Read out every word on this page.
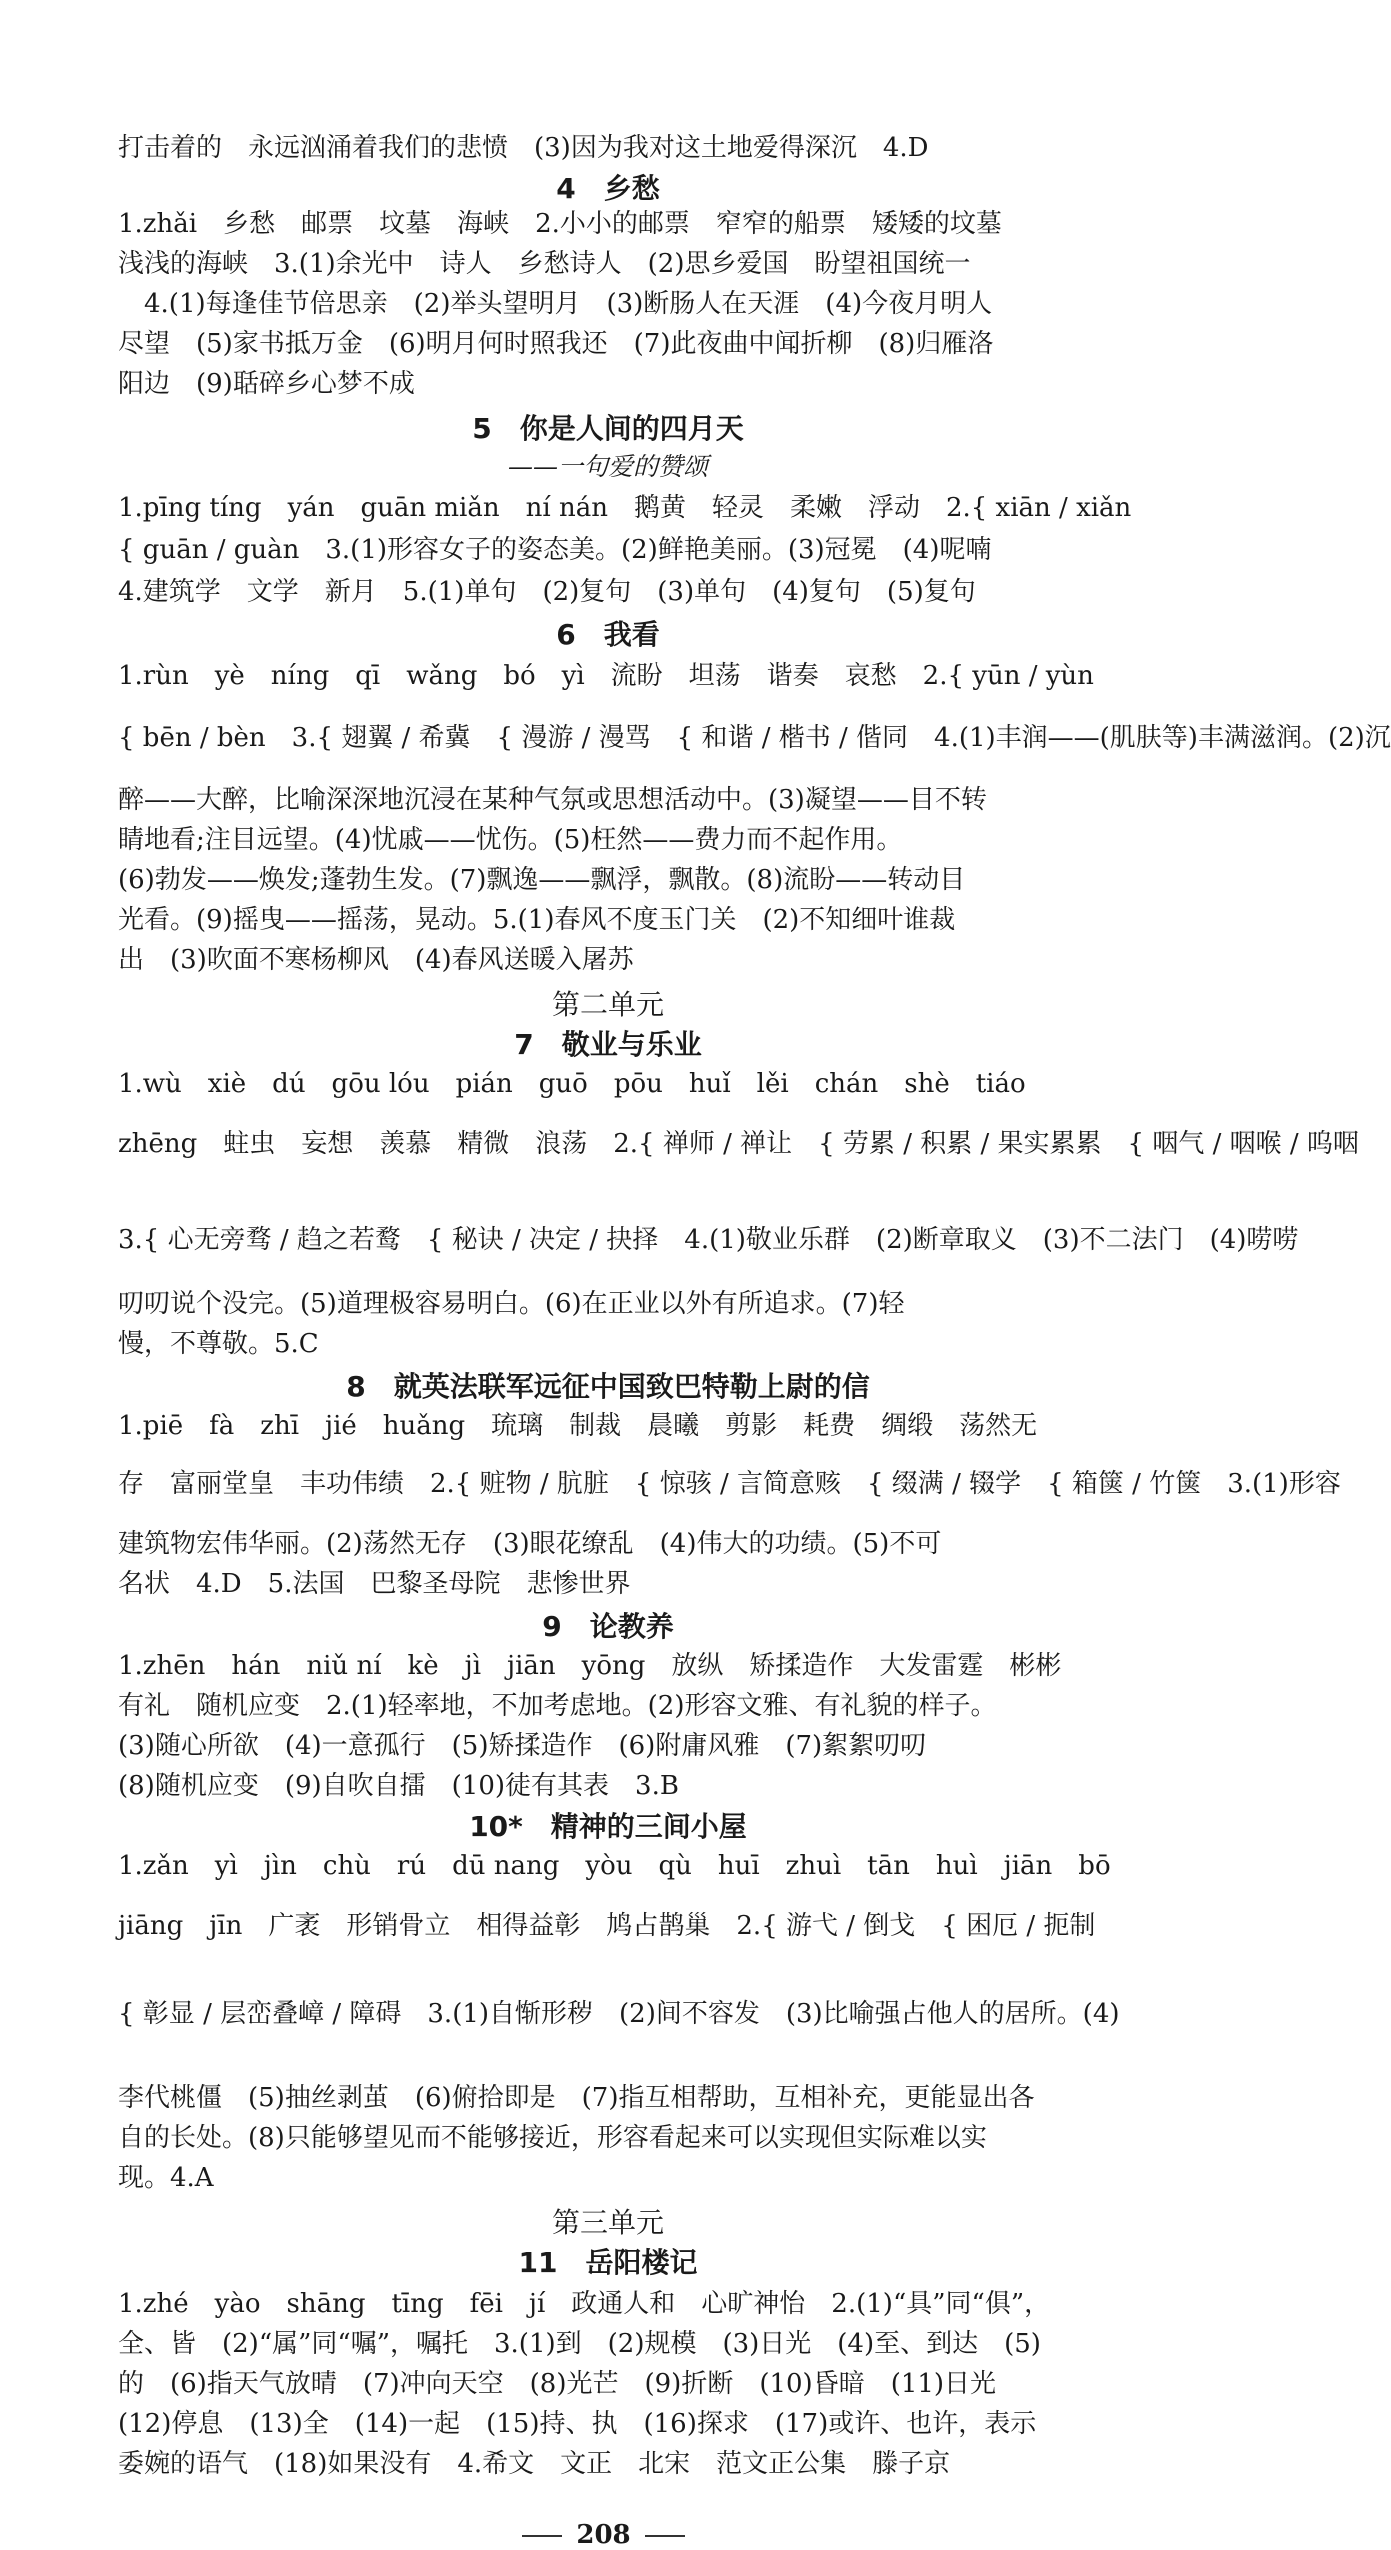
打击着的　永远汹涌着我们的悲愤　(3)因为我对这土地爱得深沉　4.D
4　乡愁
1.zhǎi　乡愁　邮票　坟墓　海峡　2.小小的邮票　窄窄的船票　矮矮的坟墓
浅浅的海峡　3.(1)余光中　诗人　乡愁诗人　(2)思乡爱国　盼望祖国统一
　4.(1)每逢佳节倍思亲　(2)举头望明月　(3)断肠人在天涯　(4)今夜月明人
尽望　(5)家书抵万金　(6)明月何时照我还　(7)此夜曲中闻折柳　(8)归雁洛
阳边　(9)聒碎乡心梦不成
5　你是人间的四月天
——一句爱的赞颂
1.pīng tíng　yán　guān miǎn　ní nán　鹅黄　轻灵　柔嫩　浮动　2.{ xiān / xiǎn
{ guān / guàn　3.(1)形容女子的姿态美。(2)鲜艳美丽。(3)冠冕　(4)呢喃
4.建筑学　文学　新月　5.(1)单句　(2)复句　(3)单句　(4)复句　(5)复句
6　我看
1.rùn　yè　níng　qī　wǎng　bó　yì　流盼　坦荡　谐奏　哀愁　2.{ yūn / yùn
{ bēn / bèn　3.{ 翅翼 / 希冀　{ 漫游 / 漫骂　{ 和谐 / 楷书 / 偕同　4.(1)丰润——(肌肤等)丰满滋润。(2)沉
醉——大醉，比喻深深地沉浸在某种气氛或思想活动中。(3)凝望——目不转
睛地看;注目远望。(4)忧戚——忧伤。(5)枉然——费力而不起作用。
(6)勃发——焕发;蓬勃生发。(7)飘逸——飘浮，飘散。(8)流盼——转动目
光看。(9)摇曳——摇荡，晃动。5.(1)春风不度玉门关　(2)不知细叶谁裁
出　(3)吹面不寒杨柳风　(4)春风送暖入屠苏
第二单元
7　敬业与乐业
1.wù　xiè　dú　gōu lóu　pián　guō　pōu　huǐ　lěi　chán　shè　tiáo
zhēng　蛀虫　妄想　羡慕　精微　浪荡　2.{ 禅师 / 禅让　{ 劳累 / 积累 / 果实累累　{ 咽气 / 咽喉 / 呜咽
3.{ 心无旁骛 / 趋之若鹜　{ 秘诀 / 决定 / 抉择　4.(1)敬业乐群　(2)断章取义　(3)不二法门　(4)唠唠
叨叨说个没完。(5)道理极容易明白。(6)在正业以外有所追求。(7)轻
慢，不尊敬。5.C
8　就英法联军远征中国致巴特勒上尉的信
1.piē　fà　zhī　jié　huǎng　琉璃　制裁　晨曦　剪影　耗费　绸缎　荡然无
存　富丽堂皇　丰功伟绩　2.{ 赃物 / 肮脏　{ 惊骇 / 言简意赅　{ 缀满 / 辍学　{ 箱箧 / 竹箧　3.(1)形容
建筑物宏伟华丽。(2)荡然无存　(3)眼花缭乱　(4)伟大的功绩。(5)不可
名状　4.D　5.法国　巴黎圣母院　悲惨世界
9　论教养
1.zhēn　hán　niǔ ní　kè　jì　jiān　yōng　放纵　矫揉造作　大发雷霆　彬彬
有礼　随机应变　2.(1)轻率地，不加考虑地。(2)形容文雅、有礼貌的样子。
(3)随心所欲　(4)一意孤行　(5)矫揉造作　(6)附庸风雅　(7)絮絮叨叨
(8)随机应变　(9)自吹自擂　(10)徒有其表　3.B
10*　精神的三间小屋
1.zǎn　yì　jìn　chù　rú　dū nang　yòu　qù　huī　zhuì　tān　huì　jiān　bō
jiāng　jīn　广袤　形销骨立　相得益彰　鸠占鹊巢　2.{ 游弋 / 倒戈　{ 困厄 / 扼制
{ 彰显 / 层峦叠嶂 / 障碍　3.(1)自惭形秽　(2)间不容发　(3)比喻强占他人的居所。(4)
李代桃僵　(5)抽丝剥茧　(6)俯拾即是　(7)指互相帮助，互相补充，更能显出各
自的长处。(8)只能够望见而不能够接近，形容看起来可以实现但实际难以实
现。4.A
第三单元
11　岳阳楼记
1.zhé　yào　shāng　tīng　fēi　jí　政通人和　心旷神怡　2.(1)“具”同“俱”，
全、皆　(2)“属”同“嘱”，嘱托　3.(1)到　(2)规模　(3)日光　(4)至、到达　(5)
的　(6)指天气放晴　(7)冲向天空　(8)光芒　(9)折断　(10)昏暗　(11)日光
(12)停息　(13)全　(14)一起　(15)持、执　(16)探求　(17)或许、也许，表示
委婉的语气　(18)如果没有　4.希文　文正　北宋　范文正公集　滕子京
208
